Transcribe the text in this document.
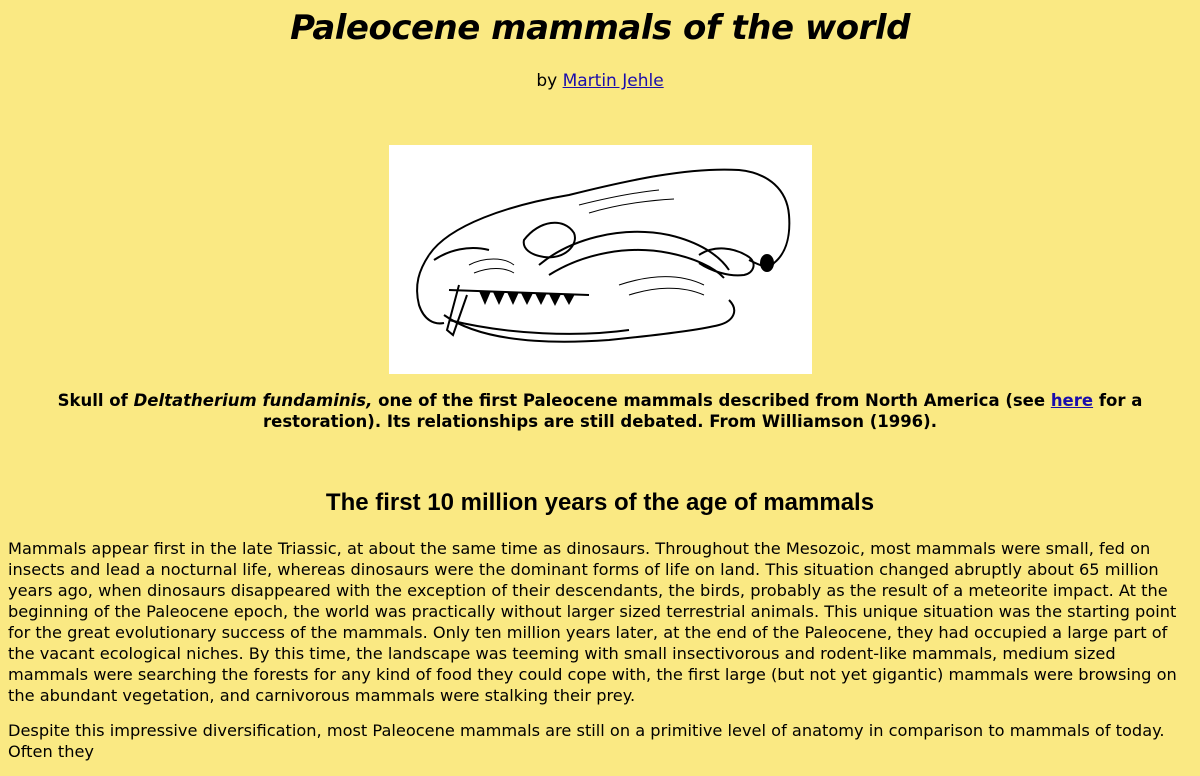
Paleocene mammals of the world
by Martin Jehle
Skull of Deltatherium fundaminis, one of the first Paleocene mammals described from North America (see here for a restoration). Its relationships are still debated. From Williamson (1996).
The first 10 million years of the age of mammals

Mammals appear first in the late Triassic, at about the same time as dinosaurs. Throughout the Mesozoic, most mammals were small, fed on insects and lead a nocturnal life, whereas dinosaurs were the dominant forms of life on land. This situation changed abruptly about 65 million years ago, when dinosaurs disappeared with the exception of their descendants, the birds, probably as the result of a meteorite impact. At the beginning of the Paleocene epoch, the world was practically without larger sized terrestrial animals. This unique situation was the starting point for the great evolutionary success of the mammals. Only ten million years later, at the end of the Paleocene, they had occupied a large part of the vacant ecological niches. By this time, the landscape was teeming with small insectivorous and rodent-like mammals, medium sized mammals were searching the forests for any kind of food they could cope with, the first large (but not yet gigantic) mammals were browsing on the abundant vegetation, and carnivorous mammals were stalking their prey.

Despite this impressive diversification, most Paleocene mammals are still on a primitive level of anatomy in comparison to mammals of today. Often they
